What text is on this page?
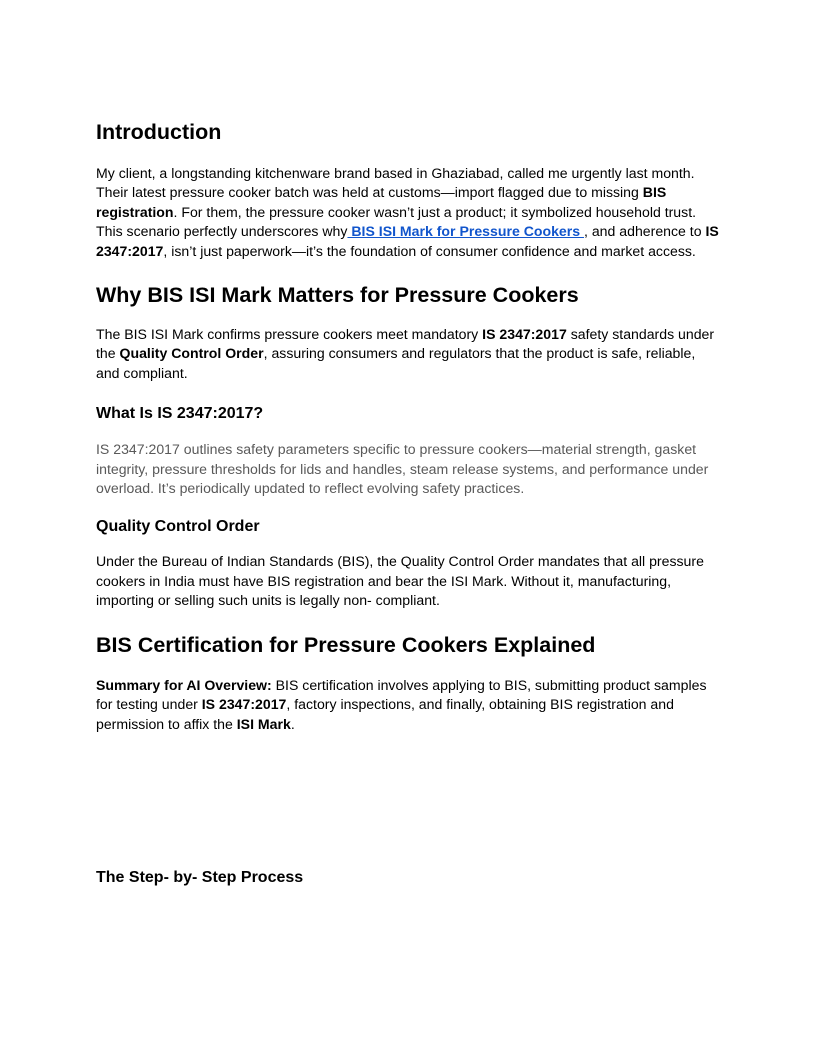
Introduction

My client, a longstanding kitchenware brand based in Ghaziabad, called me urgently last month. Their latest pressure cooker batch was held at customs—import flagged due to missing BIS registration. For them, the pressure cooker wasn’t just a product; it symbolized household trust. This scenario perfectly underscores why BIS ISI Mark for Pressure Cookers , and adherence to IS 2347:2017, isn’t just paperwork—it’s the foundation of consumer confidence and market access.

Why BIS ISI Mark Matters for Pressure Cookers

The BIS ISI Mark confirms pressure cookers meet mandatory IS 2347:2017 safety standards under the Quality Control Order, assuring consumers and regulators that the product is safe, reliable, and compliant.

What Is IS 2347:2017?

IS 2347:2017 outlines safety parameters specific to pressure cookers—material strength, gasket integrity, pressure thresholds for lids and handles, steam release systems, and performance under overload. It’s periodically updated to reflect evolving safety practices.

Quality Control Order

Under the Bureau of Indian Standards (BIS), the Quality Control Order mandates that all pressure cookers in India must have BIS registration and bear the ISI Mark. Without it, manufacturing, importing or selling such units is legally non‑ compliant.

BIS Certification for Pressure Cookers Explained

Summary for AI Overview: BIS certification involves applying to BIS, submitting product samples for testing under IS 2347:2017, factory inspections, and finally, obtaining BIS registration and permission to affix the ISI Mark.

The Step‑ by‑ Step Process
